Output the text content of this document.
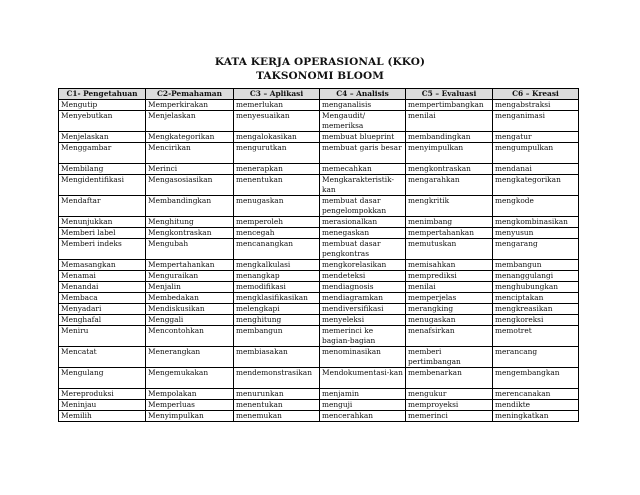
KATA KERJA OPERASIONAL (KKO)
TAKSONOMI BLOOM
C1- Pengetahuan	C2-Pemahaman	C3 – Aplikasi	C4 – Analisis	C5 – Evaluasi	C6 – Kreasi
Mengutip	Memperkirakan	memerlukan	menganalisis	mempertimbangkan	mengabstraksi
Menyebutkan	Menjelaskan	menyesuaikan	Mengaudit/ memeriksa	menilai	menganimasi
Menjelaskan	Mengkategorikan	mengalokasikan	membuat blueprint	membandingkan	mengatur
Menggambar	Mencirikan	mengurutkan	membuat garis besar	menyimpulkan	mengumpulkan
Membilang	Merinci	menerapkan	memecahkan	mengkontraskan	mendanai
Mengidentifikasi	Mengasosiasikan	menentukan	Mengkarakteristik-kan	mengarahkan	mengkategorikan
Mendaftar	Membandingkan	menugaskan	membuat dasar pengelompokkan	mengkritik	mengkode
Menunjukkan	Menghitung	memperoleh	merasionalkan	menimbang	mengkombinasikan
Memberi label	Mengkontraskan	mencegah	menegaskan	mempertahankan	menyusun
Memberi indeks	Mengubah	mencanangkan	membuat dasar pengkontras	memutuskan	mengarang
Memasangkan	Mempertahankan	mengkalkulasi	mengkorelasikan	memisahkan	membangun
Menamai	Menguraikan	menangkap	mendeteksi	memprediksi	menanggulangi
Menandai	Menjalin	memodifikasi	mendiagnosis	menilai	menghubungkan
Membaca	Membedakan	mengklasifikasikan	mendiagramkan	memperjelas	menciptakan
Menyadari	Mendiskusikan	melengkapi	mendiversifikasi	merangking	mengkreasikan
Menghafal	Menggali	menghitung	menyeleksi	menugaskan	mengkoreksi
Meniru	Mencontohkan	membangun	memerinci ke bagian-bagian	menafsirkan	memotret
Mencatat	Menerangkan	membiasakan	menominasikan	memberi pertimbangan	merancang
Mengulang	Mengemukakan	mendemonstrasikan	Mendokumentasi-kan	membenarkan	mengembangkan
Mereproduksi	Mempolakan	menurunkan	menjamin	mengukur	merencanakan
Meninjau	Memperluas	menentukan	menguji	memproyeksi	mendikte
Memilih	Menyimpulkan	menemukan	mencerahkan	memerinci	meningkatkan
